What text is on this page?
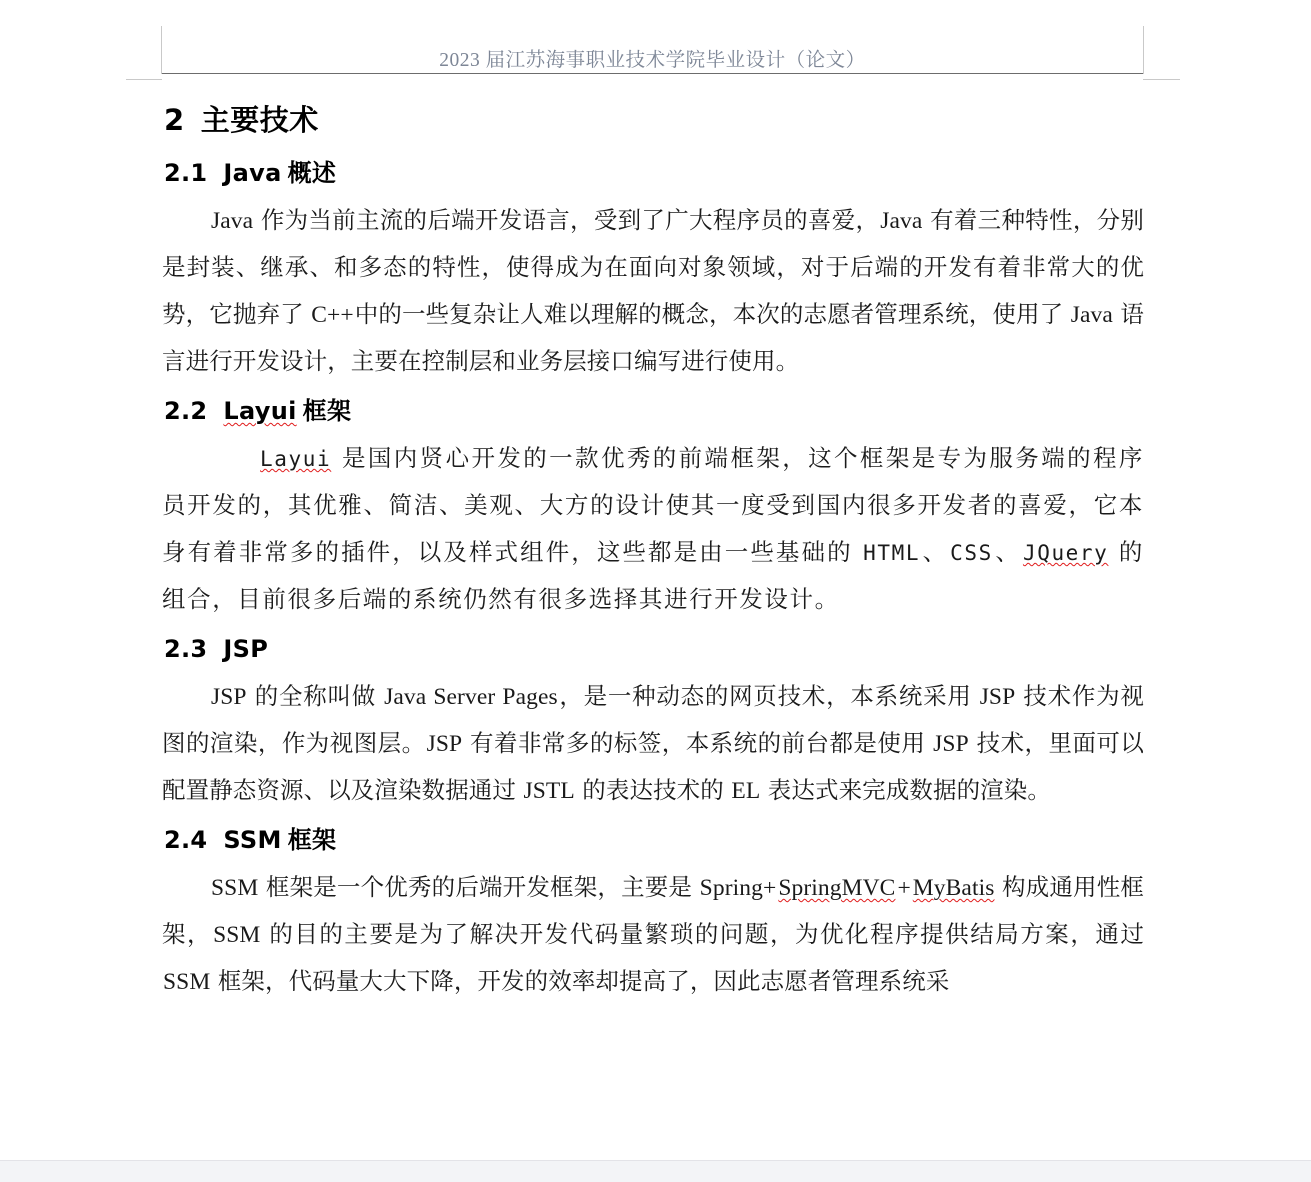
2023 届江苏海事职业技术学院毕业设计（论文）
2 主要技术
2.1 Java 概述

Java 作为当前主流的后端开发语言，受到了广大程序员的喜爱，Java 有着三种特性，分别是封装、继承、和多态的特性，使得成为在面向对象领域，对于后端的开发有着非常大的优势，它抛弃了 C++中的一些复杂让人难以理解的概念，本次的志愿者管理系统，使用了 Java 语言进行开发设计，主要在控制层和业务层接口编写进行使用。

2.2 Layui 框架

Layui 是国内贤心开发的一款优秀的前端框架，这个框架是专为服务端的程序员开发的，其优雅、简洁、美观、大方的设计使其一度受到国内很多开发者的喜爱，它本身有着非常多的插件，以及样式组件，这些都是由一些基础的 HTML、CSS、JQuery 的组合，目前很多后端的系统仍然有很多选择其进行开发设计。

2.3 JSP

JSP 的全称叫做 Java Server Pages，是一种动态的网页技术，本系统采用 JSP 技术作为视图的渲染，作为视图层。JSP 有着非常多的标签，本系统的前台都是使用 JSP 技术，里面可以配置静态资源、以及渲染数据通过 JSTL 的表达技术的 EL 表达式来完成数据的渲染。

2.4 SSM 框架

SSM 框架是一个优秀的后端开发框架，主要是 Spring+SpringMVC+MyBatis 构成通用性框架，SSM 的目的主要是为了解决开发代码量繁琐的问题，为优化程序提供结局方案，通过 SSM 框架，代码量大大下降，开发的效率却提高了，因此志愿者管理系统采
